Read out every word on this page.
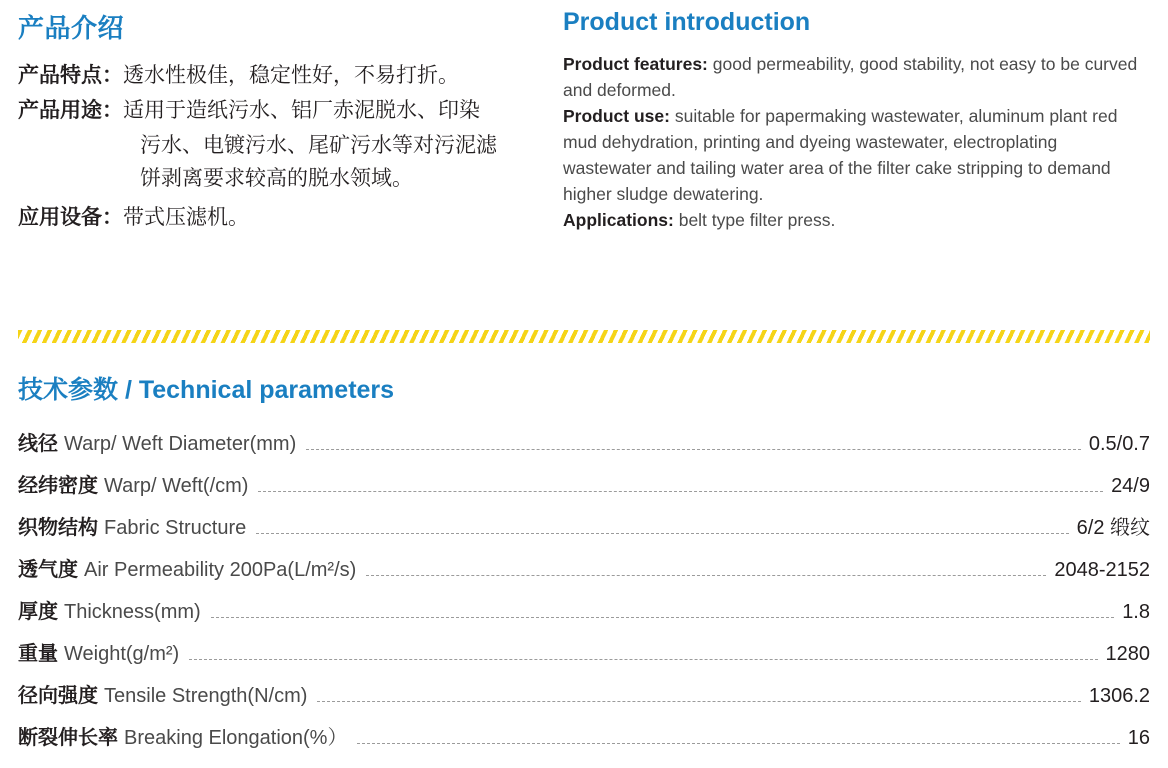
产品介绍
产品特点： 透水性极佳，稳定性好，不易打折。
产品用途： 适用于造纸污水、铝厂赤泥脱水、印染
污水、电镀污水、尾矿污水等对污泥滤
饼剥离要求较高的脱水领域。
应用设备： 带式压滤机。
Product introduction

Product features: good permeability, good stability, not easy to be curved and deformed.

Product use: suitable for papermaking wastewater, aluminum plant red mud dehydration, printing and dyeing wastewater, electroplating wastewater and tailing water area of the filter cake stripping to demand higher sludge dewatering.

Applications: belt type filter press.

技术参数 / Technical parameters
线径 Warp/ Weft Diameter(mm)	0.5/0.7
经纬密度 Warp/ Weft(/cm)	24/9
织物结构 Fabric Structure	6/2 缎纹
透气度 Air Permeability 200Pa(L/m²/s)	2048-2152
厚度 Thickness(mm)	1.8
重量 Weight(g/m²)	1280
径向强度 Tensile Strength(N/cm)	1306.2
断裂伸长率 Breaking Elongation(%）	16
